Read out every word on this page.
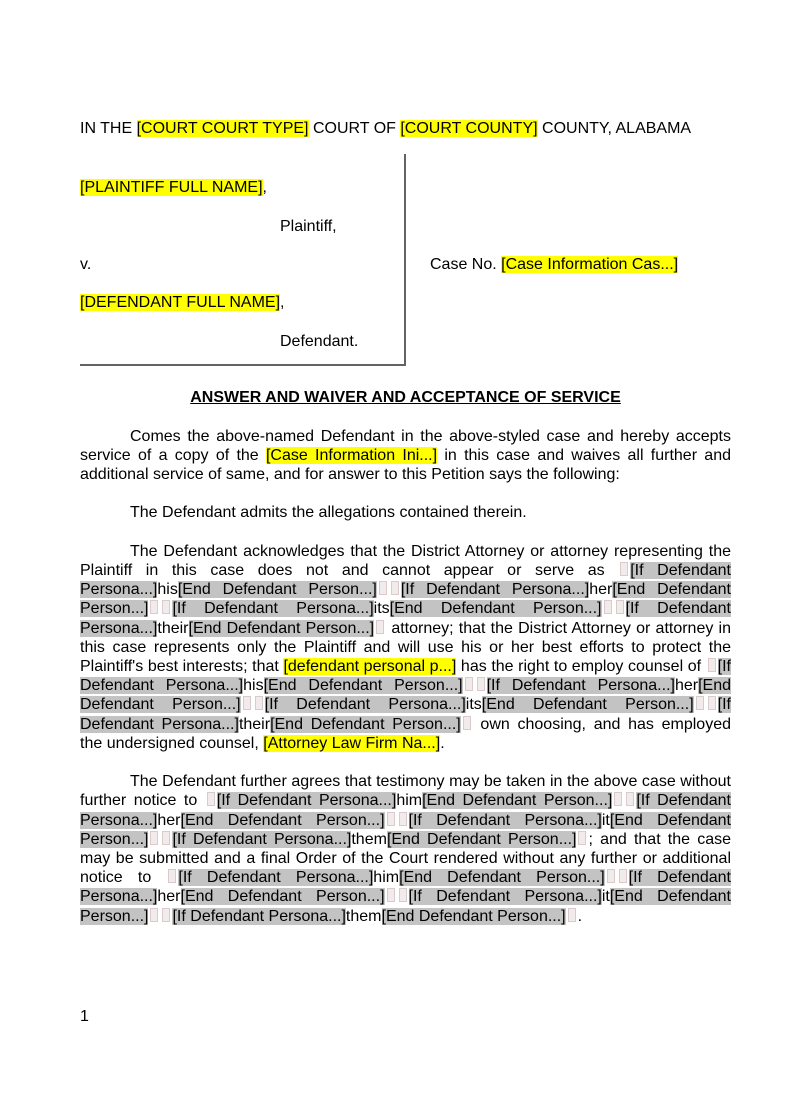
IN THE [COURT COURT TYPE] COURT OF [COURT COUNTY] COUNTY, ALABAMA
[PLAINTIFF FULL NAME],
Plaintiff,
v.
[DEFENDANT FULL NAME],
Defendant.
Case No. [Case Information Cas...]
ANSWER AND WAIVER AND ACCEPTANCE OF SERVICE

Comes the above-named Defendant in the above-styled case and hereby accepts service of a copy of the [Case Information Ini...] in this case and waives all further and additional service of same, and for answer to this Petition says the following:

The Defendant admits the allegations contained therein.

The Defendant acknowledges that the District Attorney or attorney representing the Plaintiff in this case does not and cannot appear or serve as [If Defendant Persona...]his[End Defendant Person...] [If Defendant Persona...]her[End Defendant Person...] [If Defendant Persona...]its[End Defendant Person...] [If Defendant Persona...]their[End Defendant Person...] attorney; that the District Attorney or attorney in this case represents only the Plaintiff and will use his or her best efforts to protect the Plaintiff's best interests; that [defendant personal p...] has the right to employ counsel of [If Defendant Persona...]his[End Defendant Person...] [If Defendant Persona...]her[End Defendant Person...] [If Defendant Persona...]its[End Defendant Person...] [If Defendant Persona...]their[End Defendant Person...] own choosing, and has employed the undersigned counsel, [Attorney Law Firm Na...].

The Defendant further agrees that testimony may be taken in the above case without further notice to [If Defendant Persona...]him[End Defendant Person...] [If Defendant Persona...]her[End Defendant Person...] [If Defendant Persona...]it[End Defendant Person...] [If Defendant Persona...]them[End Defendant Person...] ; and that the case may be submitted and a final Order of the Court rendered without any further or additional notice to [If Defendant Persona...]him[End Defendant Person...] [If Defendant Persona...]her[End Defendant Person...] [If Defendant Persona...]it[End Defendant Person...] [If Defendant Persona...]them[End Defendant Person...] .

1
